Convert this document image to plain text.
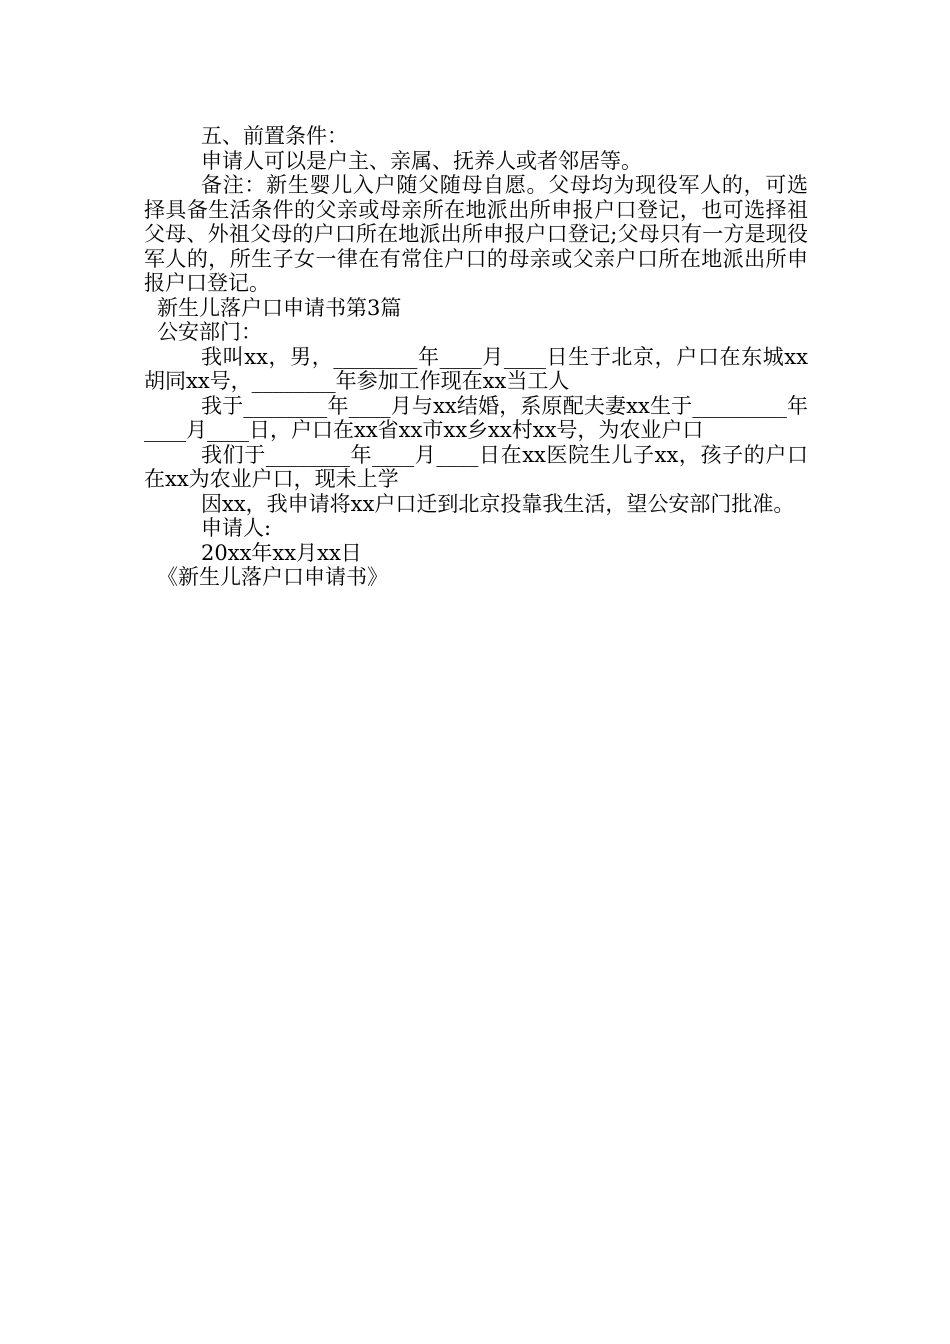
五、前置条件：

申请人可以是户主、亲属、抚养人或者邻居等。

备注：新生婴儿入户随父随母自愿。父母均为现役军人的，可选择具备生活条件的父亲或母亲所在地派出所申报户口登记，也可选择祖父母、外祖父母的户口所在地派出所申报户口登记;父母只有一方是现役军人的，所生子女一律在有常住户口的母亲或父亲户口所在地派出所申报户口登记。

新生儿落户口申请书第3篇

公安部门：

我叫xx，男，________年____月____日生于北京，户口在东城xx胡同xx号，________年参加工作现在xx当工人

我于________年____月与xx结婚，系原配夫妻xx生于_________年____月____日，户口在xx省xx市xx乡xx村xx号，为农业户口

我们于________年____月____日在xx医院生儿子xx，孩子的户口在xx为农业户口，现未上学

因xx，我申请将xx户口迁到北京投靠我生活，望公安部门批准。

申请人:

20xx年xx月xx日

《新生儿落户口申请书》
